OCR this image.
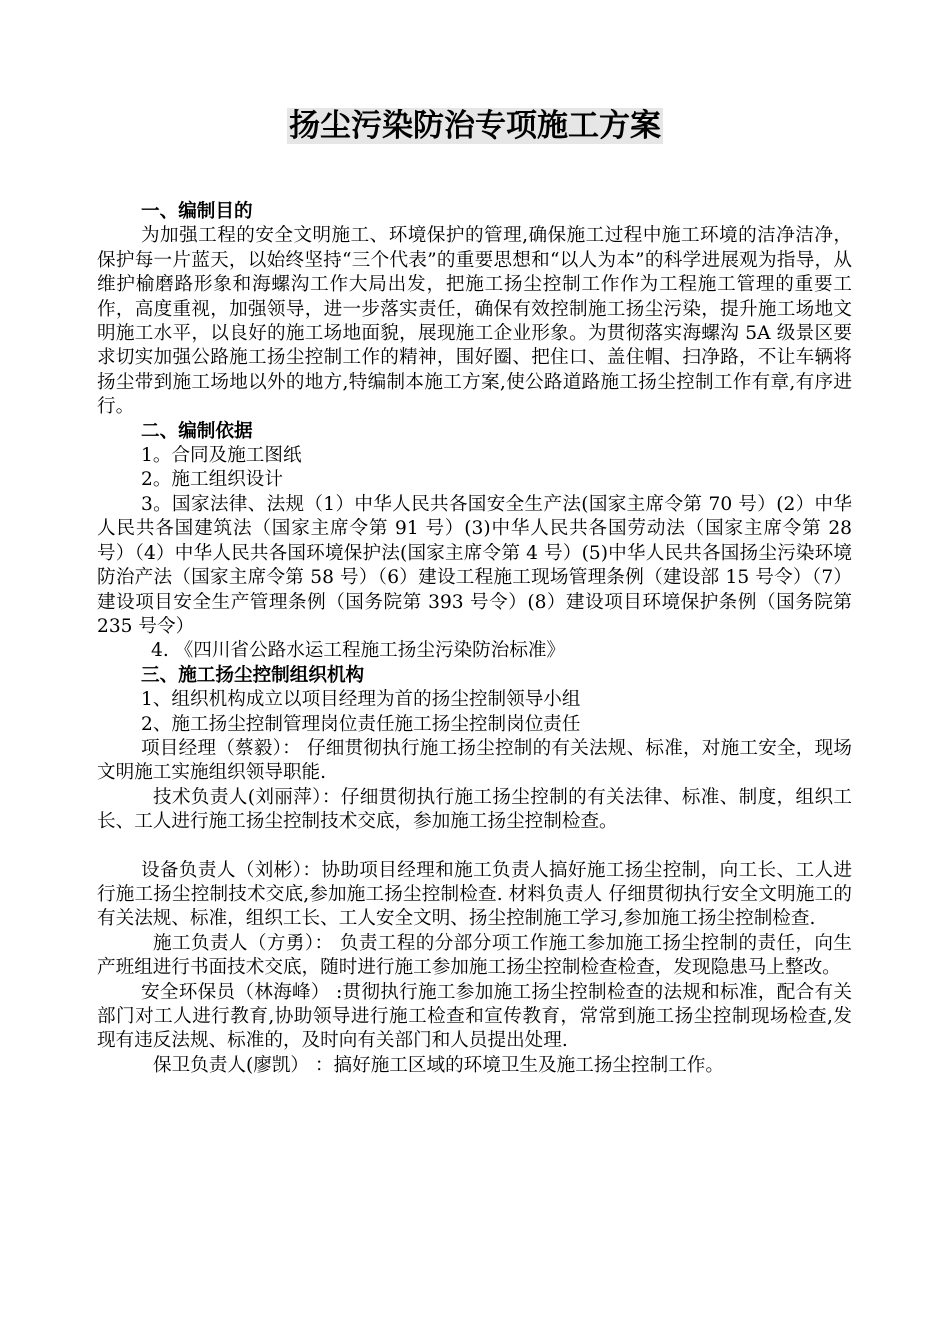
扬尘污染防治专项施工方案

一、编制目的

为加强工程的安全文明施工、环境保护的管理,确保施工过程中施工环境的洁净洁净，保护每一片蓝天，以始终坚持“三个代表”的重要思想和“以人为本”的科学进展观为指导，从维护榆磨路形象和海螺沟工作大局出发，把施工扬尘控制工作作为工程施工管理的重要工作，高度重视，加强领导，进一步落实责任，确保有效控制施工扬尘污染，提升施工场地文明施工水平，以良好的施工场地面貌，展现施工企业形象。为贯彻落实海螺沟 5A 级景区要求切实加强公路施工扬尘控制工作的精神，围好圈、把住口、盖住帽、扫净路，不让车辆将扬尘带到施工场地以外的地方,特编制本施工方案,使公路道路施工扬尘控制工作有章,有序进行。

二、编制依据

1。合同及施工图纸

2。施工组织设计

3。国家法律、法规（1）中华人民共各国安全生产法(国家主席令第 70 号）(2）中华人民共各国建筑法（国家主席令第 91 号）(3)中华人民共各国劳动法（国家主席令第 28 号）（4）中华人民共各国环境保护法(国家主席令第 4 号）(5)中华人民共各国扬尘污染环境防治产法（国家主席令第 58 号）（6）建设工程施工现场管理条例（建设部 15 号令）（7）建设项目安全生产管理条例（国务院第 393 号令）(8）建设项目环境保护条例（国务院第 235 号令）

4. 《四川省公路水运工程施工扬尘污染防治标准》

三、施工扬尘控制组织机构

1、组织机构成立以项目经理为首的扬尘控制领导小组

2、施工扬尘控制管理岗位责任施工扬尘控制岗位责任

项目经理（蔡毅）： 仔细贯彻执行施工扬尘控制的有关法规、标准，对施工安全，现场文明施工实施组织领导职能.

技术负责人(刘丽萍）：仔细贯彻执行施工扬尘控制的有关法律、标准、制度，组织工长、工人进行施工扬尘控制技术交底，参加施工扬尘控制检查。

设备负责人（刘彬）：协助项目经理和施工负责人搞好施工扬尘控制，向工长、工人进行施工扬尘控制技术交底,参加施工扬尘控制检查. 材料负责人 仔细贯彻执行安全文明施工的有关法规、标准，组织工长、工人安全文明、扬尘控制施工学习,参加施工扬尘控制检查.

施工负责人（方勇）： 负责工程的分部分项工作施工参加施工扬尘控制的责任，向生产班组进行书面技术交底，随时进行施工参加施工扬尘控制检查检查，发现隐患马上整改。

安全环保员（林海峰） :贯彻执行施工参加施工扬尘控制检查的法规和标准，配合有关部门对工人进行教育,协助领导进行施工检查和宣传教育，常常到施工扬尘控制现场检查,发现有违反法规、标准的，及时向有关部门和人员提出处理.

保卫负责人(廖凯） ：搞好施工区域的环境卫生及施工扬尘控制工作。
